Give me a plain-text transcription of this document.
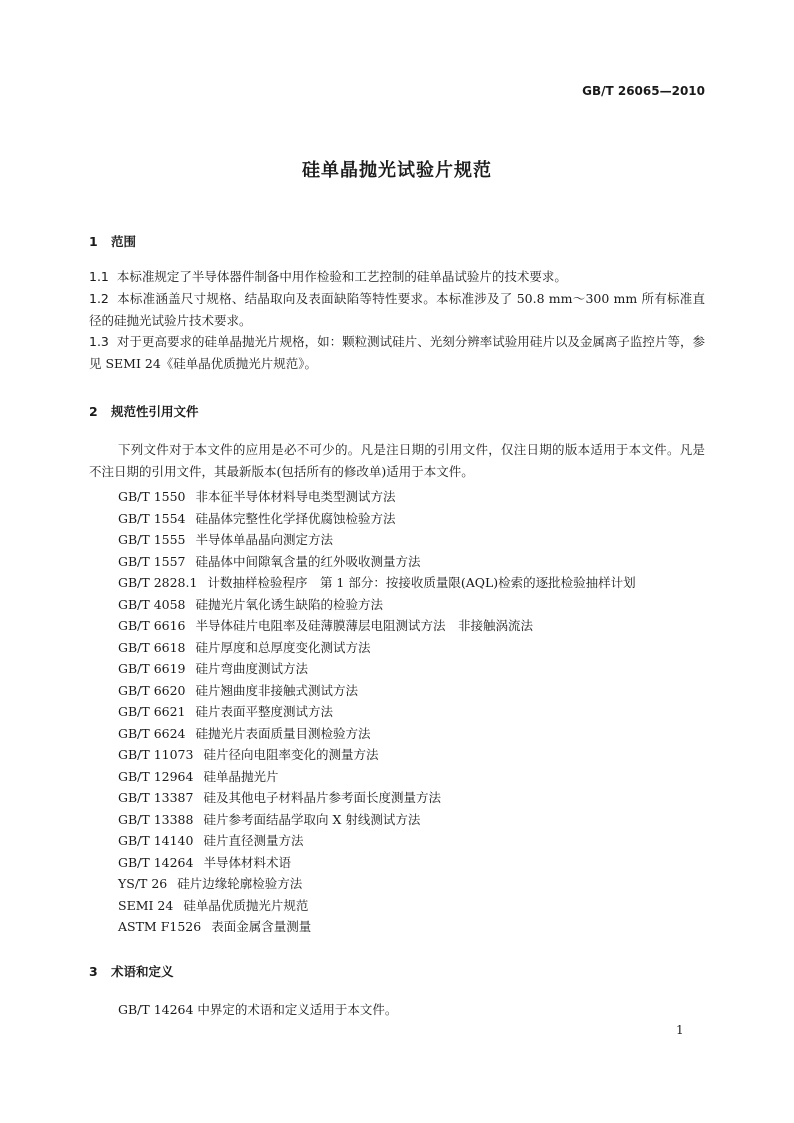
GB/T 26065—2010
硅单晶抛光试验片规范
1 范围
1.1 本标准规定了半导体器件制备中用作检验和工艺控制的硅单晶试验片的技术要求。
1.2 本标准涵盖尺寸规格、结晶取向及表面缺陷等特性要求。本标准涉及了 50.8 mm～300 mm 所有标准直径的硅抛光试验片技术要求。
1.3 对于更高要求的硅单晶抛光片规格，如：颗粒测试硅片、光刻分辨率试验用硅片以及金属离子监控片等，参见 SEMI 24《硅单晶优质抛光片规范》。
2 规范性引用文件
下列文件对于本文件的应用是必不可少的。凡是注日期的引用文件，仅注日期的版本适用于本文件。凡是不注日期的引用文件，其最新版本(包括所有的修改单)适用于本文件。
GB/T 1550 非本征半导体材料导电类型测试方法
GB/T 1554 硅晶体完整性化学择优腐蚀检验方法
GB/T 1555 半导体单晶晶向测定方法
GB/T 1557 硅晶体中间隙氧含量的红外吸收测量方法
GB/T 2828.1 计数抽样检验程序　第 1 部分：按接收质量限(AQL)检索的逐批检验抽样计划
GB/T 4058 硅抛光片氧化诱生缺陷的检验方法
GB/T 6616 半导体硅片电阻率及硅薄膜薄层电阻测试方法　非接触涡流法
GB/T 6618 硅片厚度和总厚度变化测试方法
GB/T 6619 硅片弯曲度测试方法
GB/T 6620 硅片翘曲度非接触式测试方法
GB/T 6621 硅片表面平整度测试方法
GB/T 6624 硅抛光片表面质量目测检验方法
GB/T 11073 硅片径向电阻率变化的测量方法
GB/T 12964 硅单晶抛光片
GB/T 13387 硅及其他电子材料晶片参考面长度测量方法
GB/T 13388 硅片参考面结晶学取向 X 射线测试方法
GB/T 14140 硅片直径测量方法
GB/T 14264 半导体材料术语
YS/T 26 硅片边缘轮廓检验方法
SEMI 24 硅单晶优质抛光片规范
ASTM F1526 表面金属含量测量
3 术语和定义
GB/T 14264 中界定的术语和定义适用于本文件。
1
